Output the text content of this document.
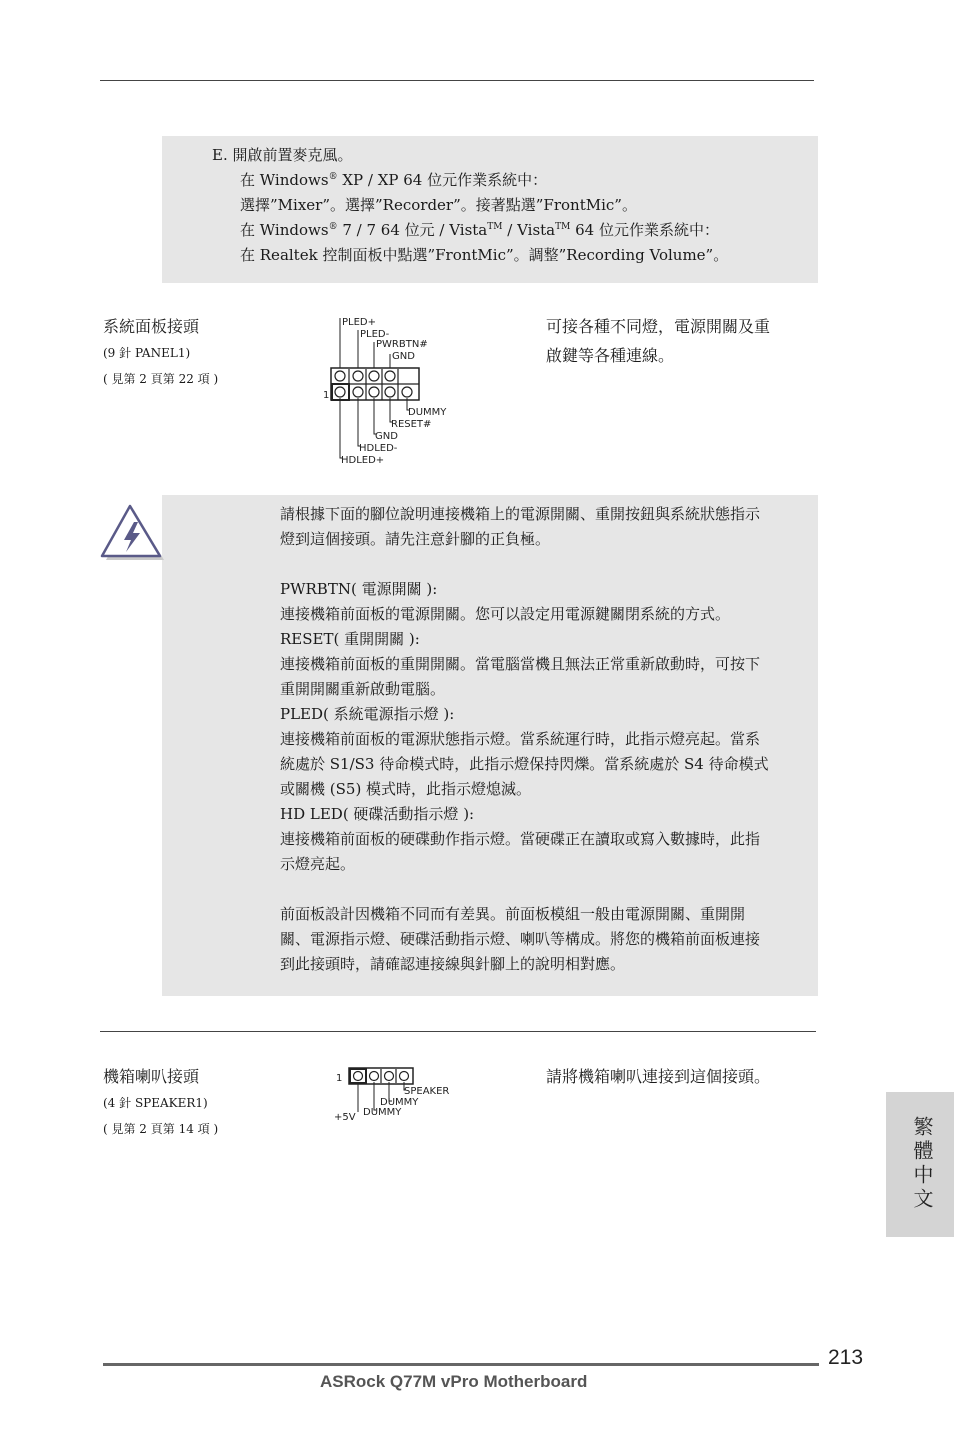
E. 開啟前置麥克風。
在 Windows® XP / XP 64 位元作業系統中：
選擇”Mixer”。選擇”Recorder”。接著點選”FrontMic”。
在 Windows® 7 / 7 64 位元 / Vista™ / Vista™ 64 位元作業系統中：
在 Realtek 控制面板中點選”FrontMic”。調整”Recording Volume”。
系統面板接頭
(9 針 PANEL1)
( 見第 2 頁第 22 項 )
PLED+
PLED-
PWRBTN#
GND
1
DUMMY
RESET#
GND
HDLED-
HDLED+
可接各種不同燈，電源開關及重
啟鍵等各種連線。
請根據下面的腳位說明連接機箱上的電源開關、重開按鈕與系統狀態指示
燈到這個接頭。請先注意針腳的正負極。
PWRBTN( 電源開關 ):
連接機箱前面板的電源開關。您可以設定用電源鍵關閉系統的方式。
RESET( 重開開關 ):
連接機箱前面板的重開開關。當電腦當機且無法正常重新啟動時，可按下
重開開關重新啟動電腦。
PLED( 系統電源指示燈 ):
連接機箱前面板的電源狀態指示燈。當系統運行時，此指示燈亮起。當系
統處於 S1/S3 待命模式時，此指示燈保持閃爍。當系統處於 S4 待命模式
或關機 (S5) 模式時，此指示燈熄滅。
HD LED( 硬碟活動指示燈 ):
連接機箱前面板的硬碟動作指示燈。當硬碟正在讀取或寫入數據時，此指
示燈亮起。
前面板設計因機箱不同而有差異。前面板模組一般由電源開關、重開開
關、電源指示燈、硬碟活動指示燈、喇叭等構成。將您的機箱前面板連接
到此接頭時，請確認連接線與針腳上的說明相對應。
機箱喇叭接頭
(4 針 SPEAKER1)
( 見第 2 頁第 14 項 )
1
SPEAKER
DUMMY
DUMMY
+5V
請將機箱喇叭連接到這個接頭。
繁體中文
213
ASRock Q77M vPro Motherboard
